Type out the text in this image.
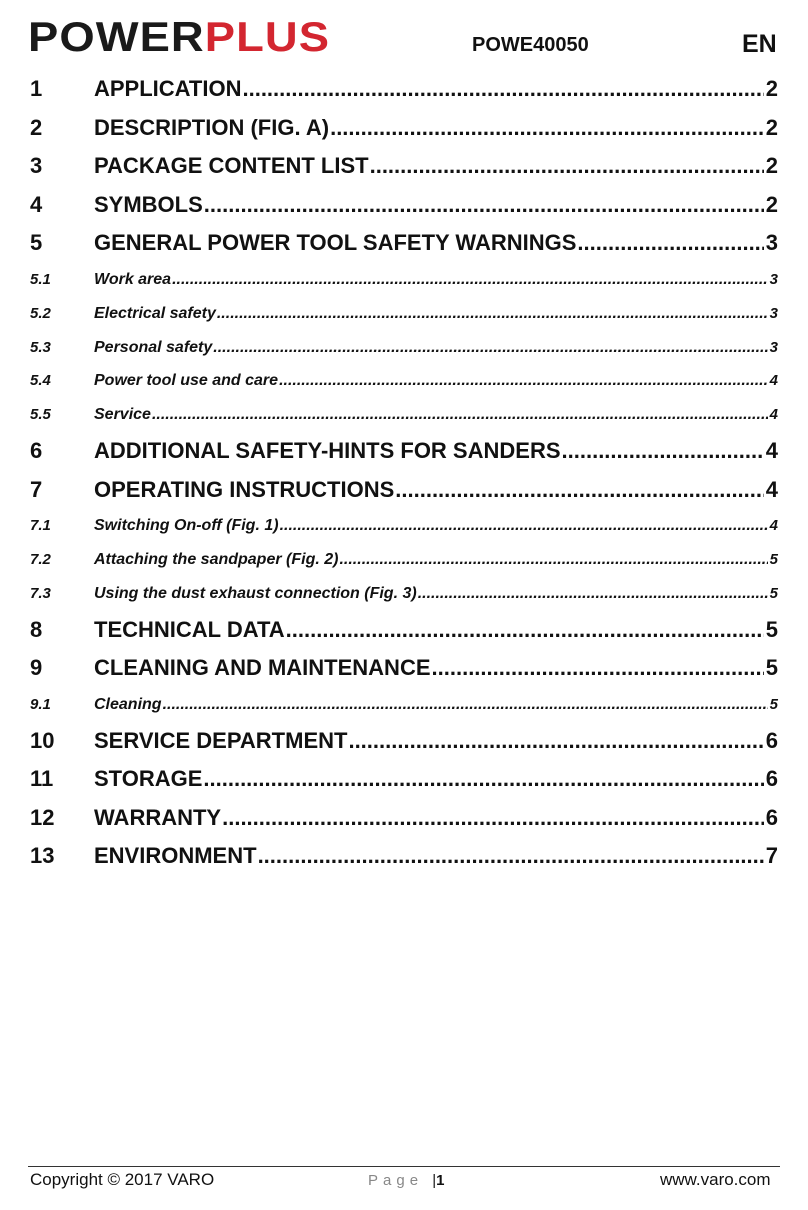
POWERPLUS	POWE40050	EN
1	APPLICATION .....	2
2	DESCRIPTION (FIG. A) .....	2
3	PACKAGE CONTENT LIST .....	2
4	SYMBOLS .....	2
5	GENERAL POWER TOOL SAFETY WARNINGS .....	3
5.1	Work area .....	3
5.2	Electrical safety .....	3
5.3	Personal safety .....	3
5.4	Power tool use and care .....	4
5.5	Service .....	4
6	ADDITIONAL SAFETY-HINTS FOR SANDERS .....	4
7	OPERATING INSTRUCTIONS .....	4
7.1	Switching On-off (Fig. 1) .....	4
7.2	Attaching the sandpaper (Fig. 2) .....	5
7.3	Using the dust exhaust connection (Fig. 3) .....	5
8	TECHNICAL DATA .....	5
9	CLEANING AND MAINTENANCE .....	5
9.1	Cleaning .....	5
10	SERVICE DEPARTMENT .....	6
11	STORAGE .....	6
12	WARRANTY .....	6
13	ENVIRONMENT .....	7
Copyright © 2017 VARO	Page |1	www.varo.com
